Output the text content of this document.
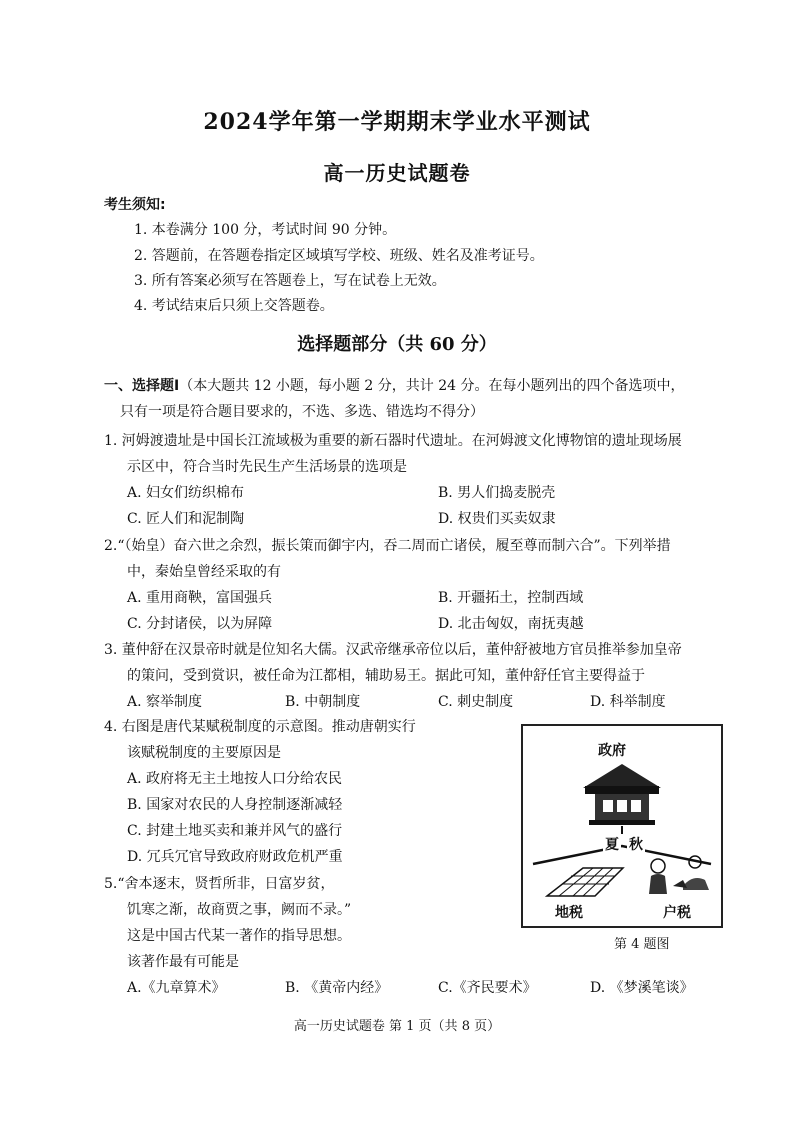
2024学年第一学期期末学业水平测试
高一历史试题卷
考生须知:
1. 本卷满分 100 分，考试时间 90 分钟。
2. 答题前，在答题卷指定区域填写学校、班级、姓名及准考证号。
3. 所有答案必须写在答题卷上，写在试卷上无效。
4. 考试结束后只须上交答题卷。
选择题部分（共 60 分）
一、选择题Ⅰ（本大题共 12 小题，每小题 2 分，共计 24 分。在每小题列出的四个备选项中，
只有一项是符合题目要求的，不选、多选、错选均不得分）
1. 河姆渡遗址是中国长江流域极为重要的新石器时代遗址。在河姆渡文化博物馆的遗址现场展
示区中，符合当时先民生产生活场景的选项是
A. 妇女们纺织棉布	B. 男人们捣麦脱壳
C. 匠人们和泥制陶	D. 权贵们买卖奴隶
2.“（始皇）奋六世之余烈，振长策而御宇内，吞二周而亡诸侯，履至尊而制六合”。下列举措
中，秦始皇曾经采取的有
A. 重用商鞅，富国强兵	B. 开疆拓土，控制西域
C. 分封诸侯，以为屏障	D. 北击匈奴，南抚夷越
3. 董仲舒在汉景帝时就是位知名大儒。汉武帝继承帝位以后，董仲舒被地方官员推举参加皇帝
的策问，受到赏识，被任命为江都相，辅助易王。据此可知，董仲舒任官主要得益于
A. 察举制度	B. 中朝制度	C. 刺史制度	D. 科举制度
4. 右图是唐代某赋税制度的示意图。推动唐朝实行
该赋税制度的主要原因是
A. 政府将无主土地按人口分给农民
B. 国家对农民的人身控制逐渐减轻
C. 封建土地买卖和兼并风气的盛行
D. 冗兵冗官导致政府财政危机严重
5.“舍本逐末，贤哲所非，日富岁贫，
饥寒之渐，故商贾之事，阙而不录。”
这是中国古代某一著作的指导思想。
该著作最有可能是
A.《九章算术》	B. 《黄帝内经》	C.《齐民要术》	D. 《梦溪笔谈》
政府
夏 秋
地税	户税
第 4 题图
高一历史试题卷 第 1 页（共 8 页）
